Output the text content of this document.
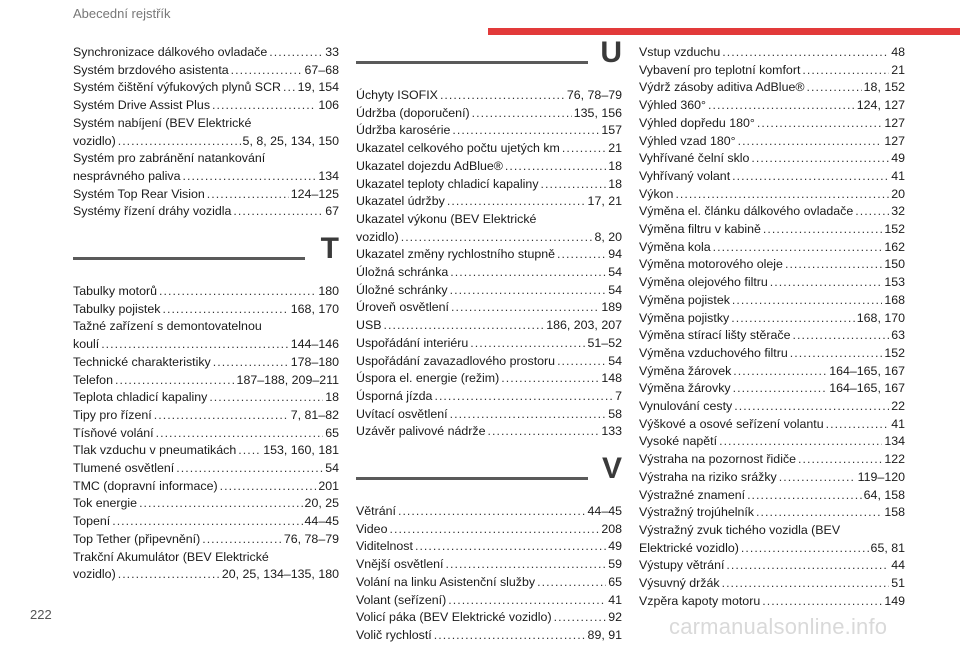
Abecední rejstřík
Synchronizace dálkového ovladače . . .	33
Systém brzdového asistenta . . .	67–68
Systém čištění výfukových plynů SCR . . . 19, 154
Systém Drive Assist Plus . . .	106
Systém nabíjení (BEV Elektrické
vozidlo) . . .	5, 8, 25, 134, 150
Systém pro zabránění natankování
nesprávného paliva . . .	134
Systém Top Rear Vision . . .	124–125
Systémy řízení dráhy vozidla . . .	67
T
Tabulky motorů . . .	180
Tabulky pojistek . . .	168, 170
Tažné zařízení s demontovatelnou
koulí . . .	144–146
Technické charakteristiky . . .	178–180
Telefon . . .	187–188, 209–211
Teplota chladicí kapaliny . . .	18
Tipy pro řízení . . .	7, 81–82
Tísňové volání . . .	65
Tlak vzduchu v pneumatikách . . . 153, 160, 181
Tlumené osvětlení . . .	54
TMC (dopravní informace) . . .	201
Tok energie . . .	20, 25
Topení . . .	44–45
Top Tether (připevnění) . . .	76, 78–79
Trakční Akumulátor (BEV Elektrické
vozidlo) . . .	20, 25, 134–135, 180
U
Úchyty ISOFIX . . .	76, 78–79
Údržba (doporučení) . . .	135, 156
Údržba karosérie . . .	157
Ukazatel celkového počtu ujetých km . . .	21
Ukazatel dojezdu AdBlue® . . .	18
Ukazatel teploty chladicí kapaliny . . .	18
Ukazatel údržby . . .	17, 21
Ukazatel výkonu (BEV Elektrické
vozidlo) . . .	8, 20
Ukazatel změny rychlostního stupně . . .	94
Úložná schránka . . .	54
Úložné schránky . . .	54
Úroveň osvětlení . . .	189
USB . . .	186, 203, 207
Uspořádání interiéru . . .	51–52
Uspořádání zavazadlového prostoru . . .	54
Úspora el. energie (režim) . . .	148
Úsporná jízda . . .	7
Uvítací osvětlení . . .	58
Uzávěr palivové nádrže . . .	133
V
Větrání . . .	44–45
Video . . .	208
Viditelnost . . .	49
Vnější osvětlení . . .	59
Volání na linku Asistenční služby . . .	65
Volant (seřízení) . . .	41
Volicí páka (BEV Elektrické vozidlo) . . .	92
Volič rychlostí . . .	89, 91
Vstup vzduchu . . .	48
Vybavení pro teplotní komfort . . .	21
Výdrž zásoby aditiva AdBlue® . . .	18, 152
Výhled 360° . . .	124, 127
Výhled dopředu 180° . . .	127
Výhled vzad 180° . . .	127
Vyhřívané čelní sklo . . .	49
Vyhřívaný volant . . .	41
Výkon . . .	20
Výměna el. článku dálkového ovladače . . .	32
Výměna filtru v kabině . . .	152
Výměna kola . . .	162
Výměna motorového oleje . . .	150
Výměna olejového filtru . . .	153
Výměna pojistek . . .	168
Výměna pojistky . . .	168, 170
Výměna stírací lišty stěrače . . .	63
Výměna vzduchového filtru . . .	152
Výměna žárovek . . .	164–165, 167
Výměna žárovky . . .	164–165, 167
Vynulování cesty . . .	22
Výškové a osové seřízení volantu . . .	41
Vysoké napětí . . .	134
Výstraha na pozornost řidiče . . .	122
Výstraha na riziko srážky . . .	119–120
Výstražné znamení . . .	64, 158
Výstražný trojúhelník . . .	158
Výstražný zvuk tichého vozidla (BEV
Elektrické vozidlo) . . .	65, 81
Výstupy větrání . . .	44
Výsuvný držák . . .	51
Vzpěra kapoty motoru . . .	149
222	carmanualsonline.info
